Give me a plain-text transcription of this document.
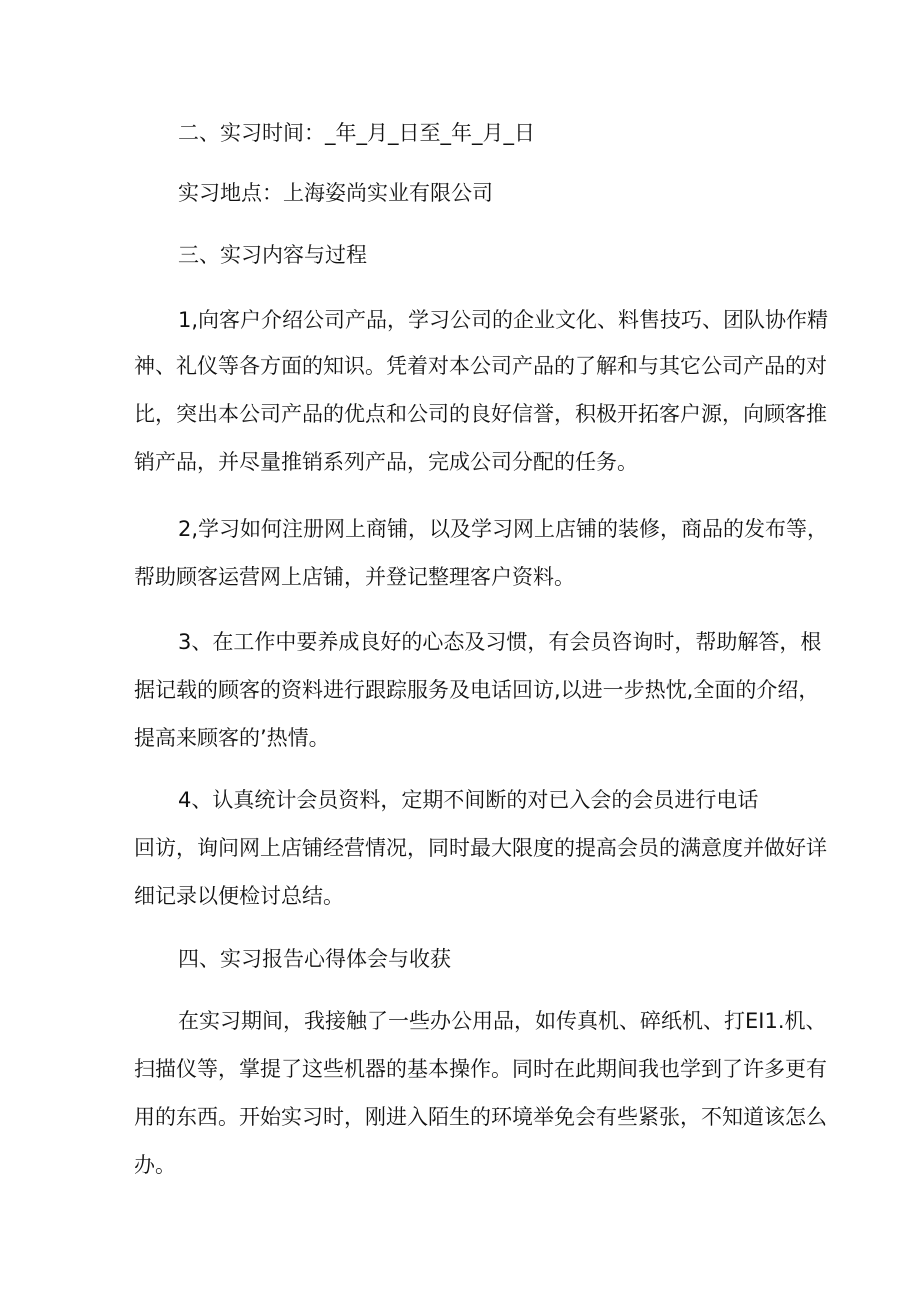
二、实习时间：_年_月_日至_年_月_日
实习地点：上海姿尚实业有限公司
三、实习内容与过程
1,向客户介绍公司产品，学习公司的企业文化、料售技巧、团队协作精
神、礼仪等各方面的知识。凭着对本公司产品的了解和与其它公司产品的对
比，突出本公司产品的优点和公司的良好信誉，积极开拓客户源，向顾客推
销产品，并尽量推销系列产品，完成公司分配的任务。
2,学习如何注册网上商铺，以及学习网上店铺的装修，商品的发布等，
帮助顾客运营网上店铺，并登记整理客户资料。
3、在工作中要养成良好的心态及习惯，有会员咨询时，帮助解答，根
据记载的顾客的资料进行跟踪服务及电话回访,以进一步热忱,全面的介绍，
提高来顾客的’热情。
4、认真统计会员资料，定期不间断的对已入会的会员进行电话
回访，询问网上店铺经营情况，同时最大限度的提高会员的满意度并做好详
细记录以便检讨总结。
四、实习报告心得体会与收获
在实习期间，我接触了一些办公用品，如传真机、碎纸机、打EI1.机、
扫描仪等，掌提了这些机器的基本操作。同时在此期间我也学到了许多更有
用的东西。开始实习时，刚进入陌生的环境举免会有些紧张，不知道该怎么
办。
